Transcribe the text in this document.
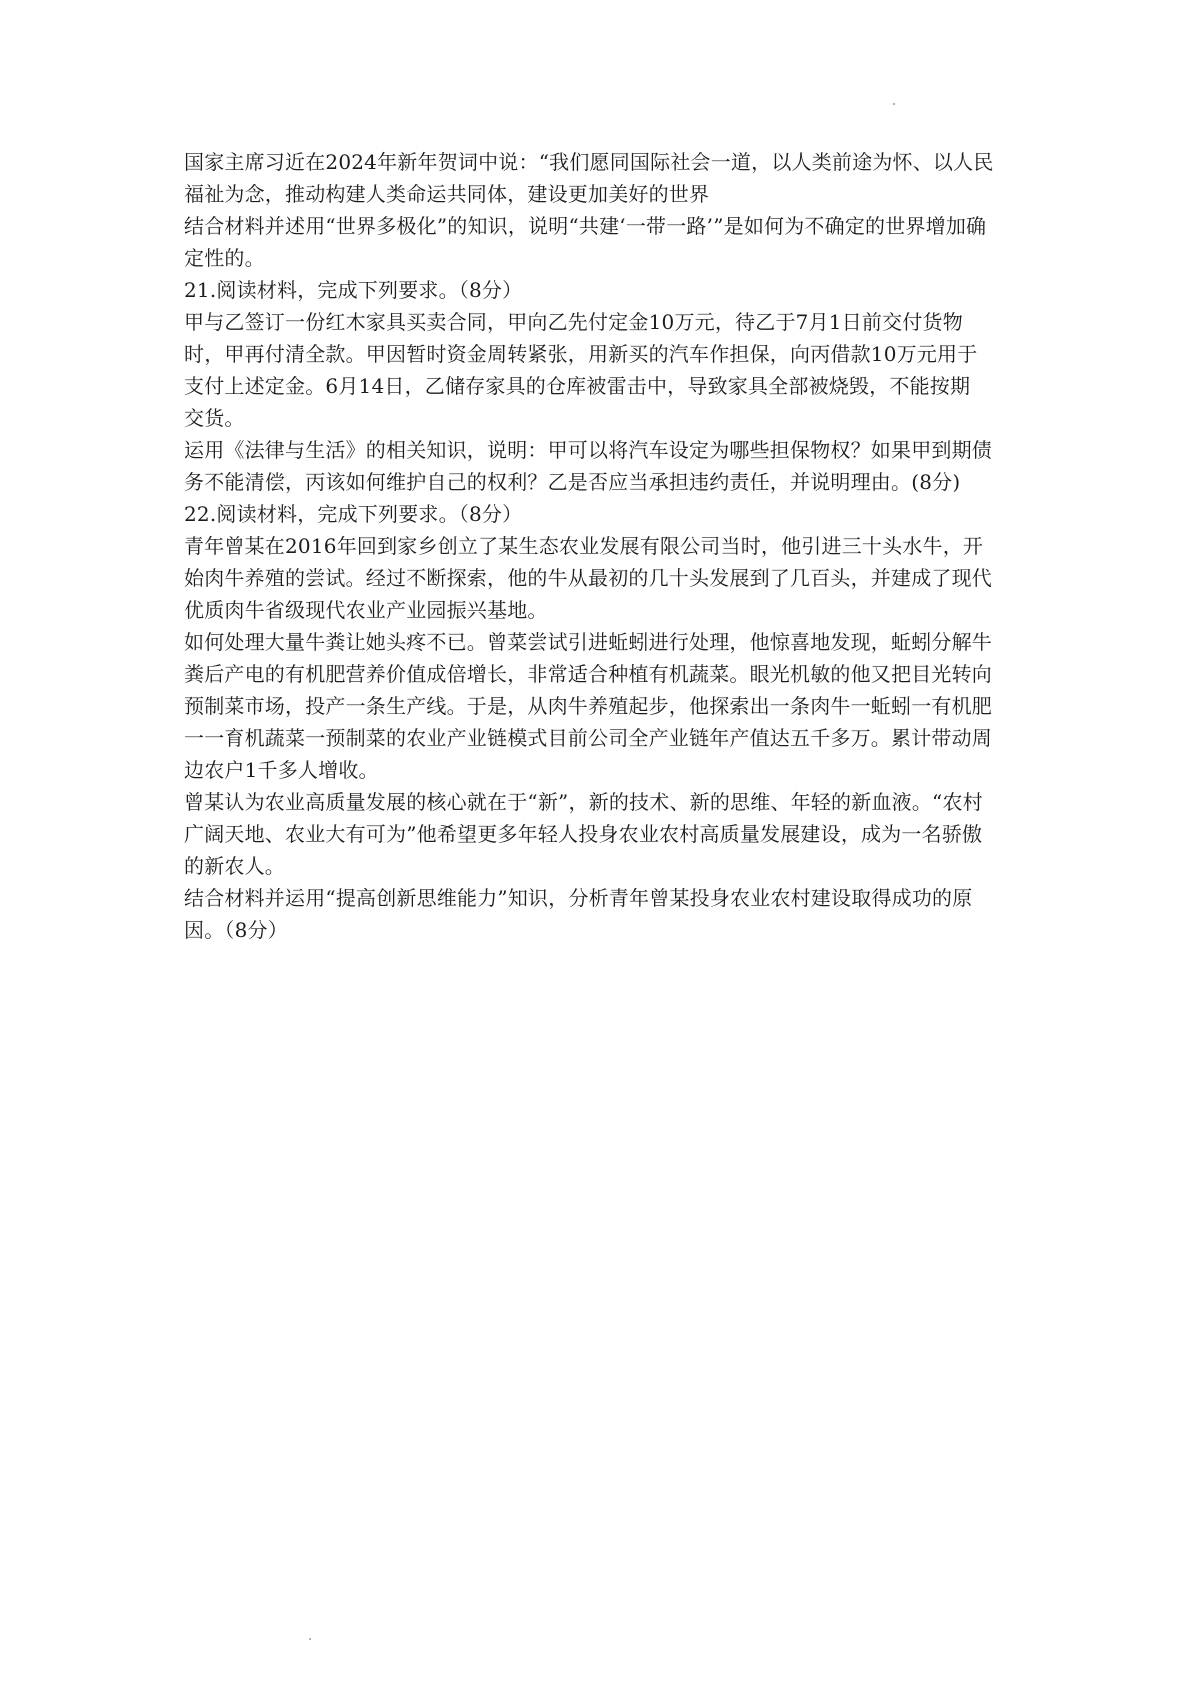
国家主席习近在2024年新年贺词中说：“我们愿同国际社会一道，以人类前途为怀、以人民
福祉为念，推动构建人类命运共同体，建设更加美好的世界
结合材料并述用“世界多极化”的知识，说明“共建‘一带一路’”是如何为不确定的世界增加确
定性的。
21.阅读材料，完成下列要求。（8分）
甲与乙签订一份红木家具买卖合同，甲向乙先付定金10万元，待乙于7月1日前交付货物
时，甲再付清全款。甲因暂时资金周转紧张，用新买的汽车作担保，向丙借款10万元用于
支付上述定金。6月14日，乙储存家具的仓库被雷击中，导致家具全部被烧毁，不能按期
交货。
运用《法律与生活》的相关知识，说明：甲可以将汽车设定为哪些担保物权？如果甲到期债
务不能清偿，丙该如何维护自己的权利？乙是否应当承担违约责任，并说明理由。(8分)
22.阅读材料，完成下列要求。（8分）
青年曾某在2016年回到家乡创立了某生态农业发展有限公司当时，他引进三十头水牛，开
始肉牛养殖的尝试。经过不断探索，他的牛从最初的几十头发展到了几百头，并建成了现代
优质肉牛省级现代农业产业园振兴基地。
如何处理大量牛粪让她头疼不已。曾菜尝试引进蚯蚓进行处理，他惊喜地发现，蚯蚓分解牛
粪后产电的有机肥营养价值成倍增长，非常适合种植有机蔬菜。眼光机敏的他又把目光转向
预制菜市场，投产一条生产线。于是，从肉牛养殖起步，他探索出一条肉牛一蚯蚓一有机肥
一一育机蔬菜一预制菜的农业产业链模式目前公司全产业链年产值达五千多万。累计带动周
边农户1千多人增收。
曾某认为农业高质量发展的核心就在于“新”，新的技术、新的思维、年轻的新血液。“农村
广阔天地、农业大有可为”他希望更多年轻人投身农业农村高质量发展建设，成为一名骄傲
的新农人。
结合材料并运用“提高创新思维能力”知识，分析青年曾某投身农业农村建设取得成功的原
因。（8分）
